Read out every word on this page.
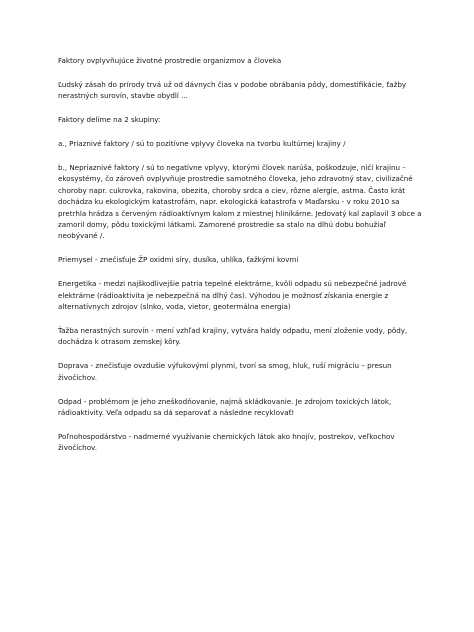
Faktory ovplyvňujúce životné prostredie organizmov a človeka

Ľudský zásah do prírody trvá už od dávnych čias v podobe obrábania pôdy, domestifikácie, ťažby nerastných surovín, stavbe obydlí ...

Faktory delíme na 2 skupiny:

a., Priaznivé faktory / sú to pozitívne vplyvy človeka na tvorbu kultúrnej krajiny /

b., Nepriaznivé faktory / sú to negatívne vplyvy, ktorými človek narúša, poškodzuje, ničí krajinu – ekosystémy, čo zároveň ovplyvňuje prostredie samotného človeka, jeho zdravotný stav, civilizačné choroby napr. cukrovka, rakovina, obezita, choroby srdca a ciev, rôzne alergie, astma. Často krát dochádza ku ekologickým katastrofám, napr. ekologická katastrofa v Maďarsku - v roku 2010 sa pretrhla hrádza s červeným rádioaktívnym kalom z miestnej hliníkárne. Jedovatý kal zaplavil 3 obce a zamoril domy, pôdu toxickými látkami. Zamorené prostredie sa stalo na dlhú dobu bohužiaľ neobývané /.

Priemysel - znečisťuje ŽP oxidmi síry, dusíka, uhlíka, ťažkými kovmi

Energetika - medzi najškodlivejšie patria tepelné elektrárne, kvôli odpadu sú nebezpečné jadrové elektrárne (rádioaktivita je nebezpečná na dlhý čas). Výhodou je možnosť získania energie z alternatívnych zdrojov (slnko, voda, vietor, geotermálna energia)

Ťažba nerastných surovín - mení vzhľad krajiny, vytvára haldy odpadu, mení zloženie vody, pôdy, dochádza k otrasom zemskej kôry.

Doprava - znečisťuje ovzdušie výfukovými plynmi, tvorí sa smog, hluk, ruší migráciu – presun živočíchov.

Odpad - problémom je jeho zneškodňovanie, najmä skládkovanie. Je zdrojom toxických látok, rádioaktivity. Veľa odpadu sa dá separovať a následne recyklovať!

Poľnohospodárstvo - nadmerné využívanie chemických látok ako hnojív, postrekov, veľkochov živočíchov.
